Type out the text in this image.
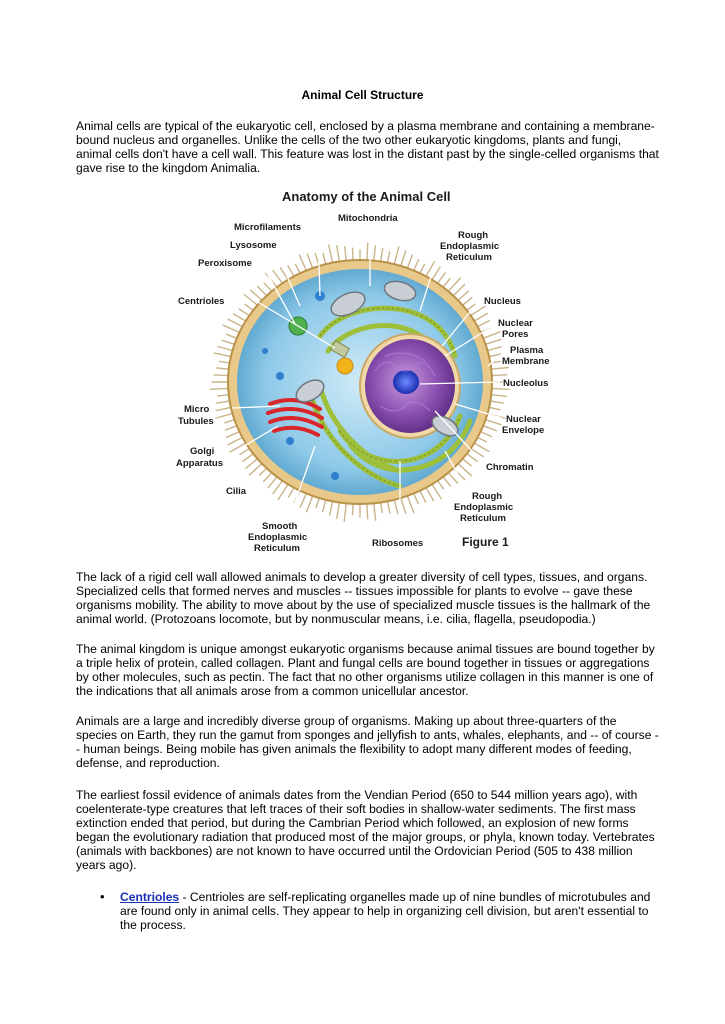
Animal Cell Structure

Animal cells are typical of the eukaryotic cell, enclosed by a plasma membrane and containing a membrane-bound nucleus and organelles. Unlike the cells of the two other eukaryotic kingdoms, plants and fungi, animal cells don't have a cell wall. This feature was lost in the distant past by the single-celled organisms that gave rise to the kingdom Animalia.

Anatomy of the Animal Cell
Microfilaments
Mitochondria
Lysosome
Peroxisome
Centrioles
Micro
Tubules
Golgi
Apparatus
Cilia
Smooth
Endoplasmic
Reticulum	Ribosomes	Figure 1
Rough
Endoplasmic
Reticulum
Nucleus
Nuclear
Pores
Plasma
Membrane
Nucleolus
Nuclear
Envelope
Chromatin
Rough
Endoplasmic
Reticulum

The lack of a rigid cell wall allowed animals to develop a greater diversity of cell types, tissues, and organs. Specialized cells that formed nerves and muscles -- tissues impossible for plants to evolve -- gave these organisms mobility. The ability to move about by the use of specialized muscle tissues is the hallmark of the animal world. (Protozoans locomote, but by nonmuscular means, i.e. cilia, flagella, pseudopodia.)

The animal kingdom is unique amongst eukaryotic organisms because animal tissues are bound together by a triple helix of protein, called collagen. Plant and fungal cells are bound together in tissues or aggregations by other molecules, such as pectin. The fact that no other organisms utilize collagen in this manner is one of the indications that all animals arose from a common unicellular ancestor.

Animals are a large and incredibly diverse group of organisms. Making up about three-quarters of the species on Earth, they run the gamut from sponges and jellyfish to ants, whales, elephants, and -- of course -- human beings. Being mobile has given animals the flexibility to adopt many different modes of feeding, defense, and reproduction.

The earliest fossil evidence of animals dates from the Vendian Period (650 to 544 million years ago), with coelenterate-type creatures that left traces of their soft bodies in shallow-water sediments. The first mass extinction ended that period, but during the Cambrian Period which followed, an explosion of new forms began the evolutionary radiation that produced most of the major groups, or phyla, known today. Vertebrates (animals with backbones) are not known to have occurred until the Ordovician Period (505 to 438 million years ago).

• Centrioles - Centrioles are self-replicating organelles made up of nine bundles of microtubules and are found only in animal cells. They appear to help in organizing cell division, but aren't essential to the process.
